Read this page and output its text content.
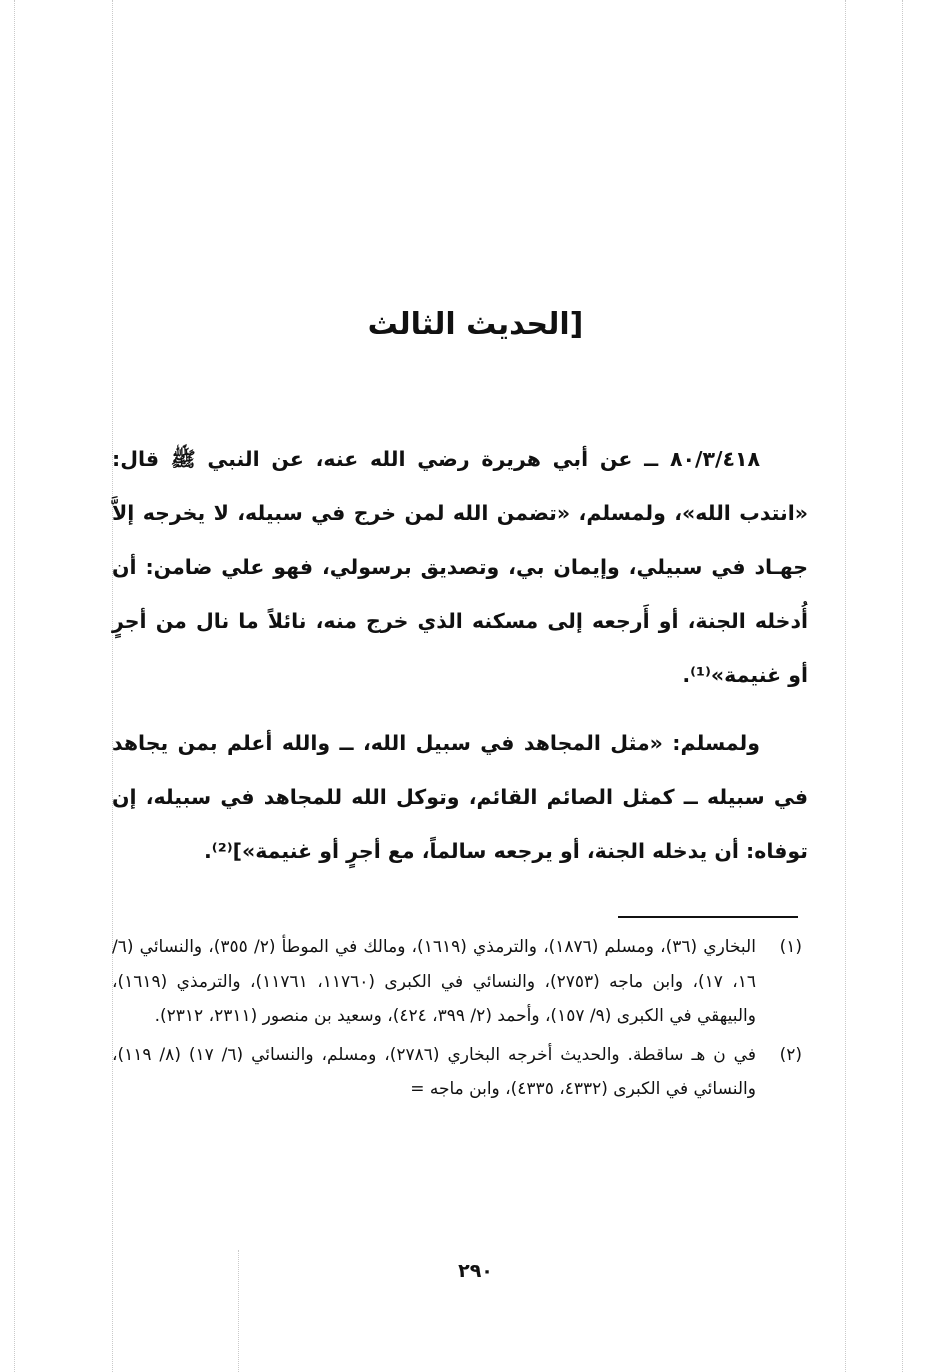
[الحديث الثالث

٨٠/٣/٤١٨ ــ عن أبي هريرة رضي الله عنه، عن النبي ﷺ قال: «انتدب الله»، ولمسلم، «تضمن الله لمن خرج في سبيله، لا يخرجه إلاَّ جهـاد في سبيلي، وإيمان بي، وتصديق برسولي، فهو علي ضامن: أن أُدخله الجنة، أو أَرجعه إلى مسكنه الذي خرج منه، نائلاً ما نال من أجرٍ أو غنيمة»⁽¹⁾.

ولمسلم: «مثل المجاهد في سبيل الله، ــ والله أعلم بمن يجاهد في سبيله ــ كمثل الصائم القائم، وتوكل الله للمجاهد في سبيله، إن توفاه: أن يدخله الجنة، أو يرجعه سالماً، مع أجرٍ أو غنيمة»]⁽²⁾.

(١)
البخاري (٣٦)، ومسلم (١٨٧٦)، والترمذي (١٦١٩)، ومالك في الموطأ (٢/ ٣٥٥)، والنسائي (٦/ ١٦، ١٧)، وابن ماجه (٢٧٥٣)، والنسائي في الكبرى (١١٧٦٠، ١١٧٦١)، والترمذي (١٦١٩)، والبيهقي في الكبرى (٩/ ١٥٧)، وأحمد (٢/ ٣٩٩، ٤٢٤)، وسعيد بن منصور (٢٣١١، ٢٣١٢).
(٢)
في ن هـ ساقطة. والحديث أخرجه البخاري (٢٧٨٦)، ومسلم، والنسائي (٦/ ١٧) (٨/ ١١٩)، والنسائي في الكبرى (٤٣٣٢، ٤٣٣٥)، وابن ماجه =
٢٩٠
